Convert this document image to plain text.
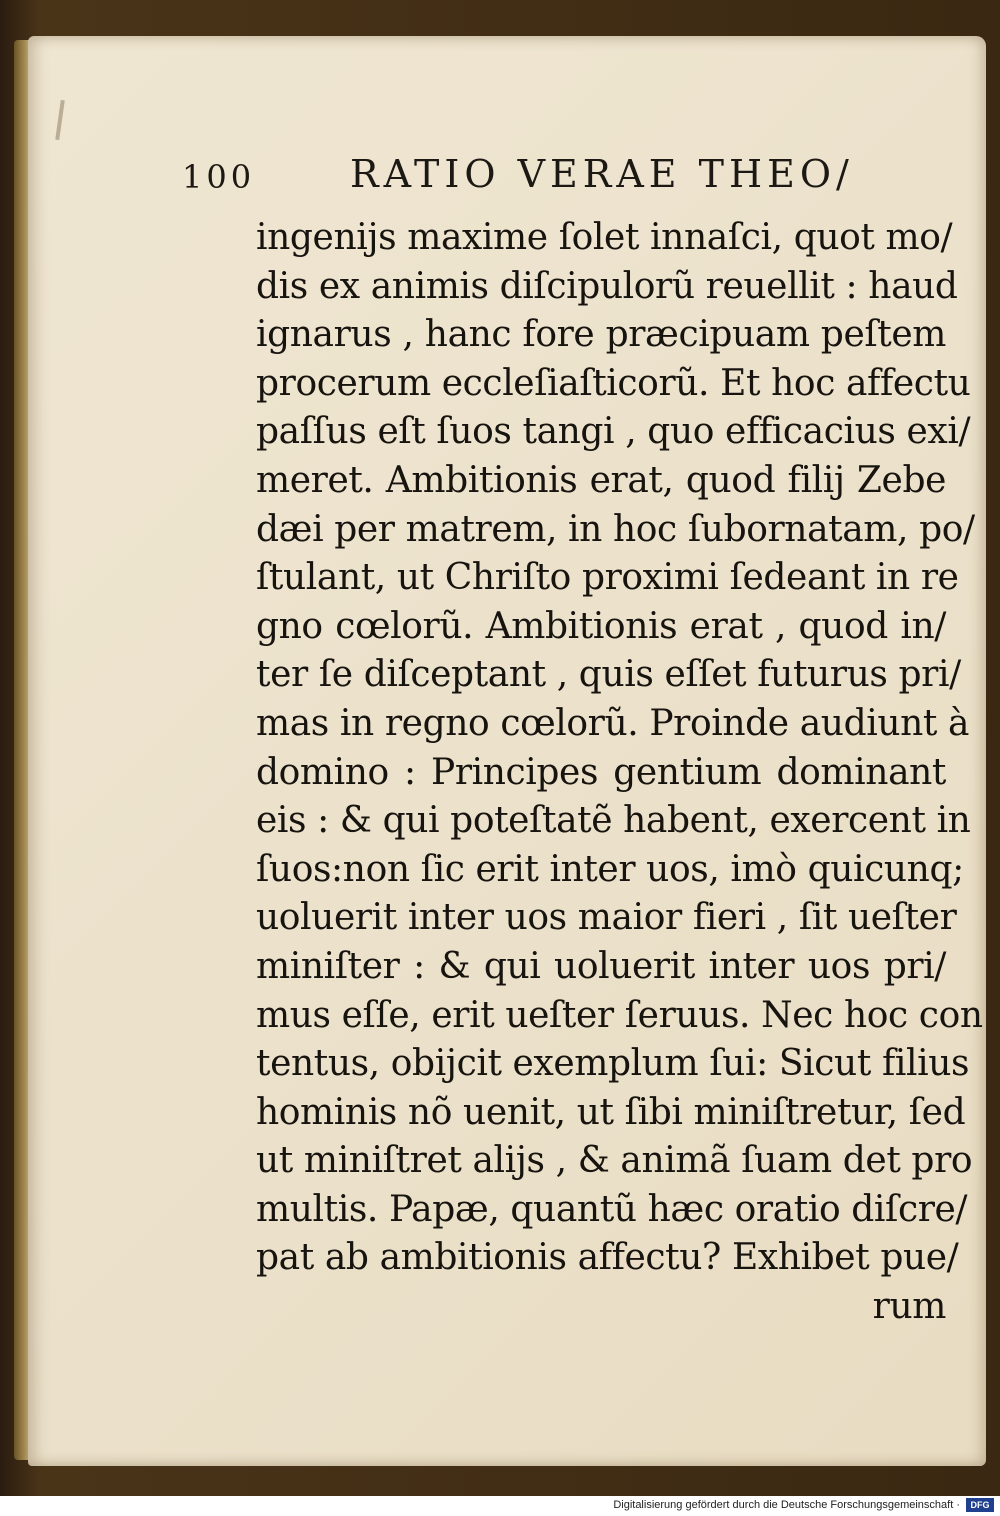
100 RATIO VERAE THEO/
ingenijs maxime ſolet innaſci, quot mo/
dis ex animis diſcipulorũ reuellit : haud
ignarus , hanc fore præcipuam peſtem
procerum eccleſiaſticorũ. Et hoc affectu
paſſus eſt ſuos tangi , quo efficacius exi/
meret. Ambitionis erat, quod filij Zebe
dæi per matrem, in hoc ſubornatam, po/
ſtulant, ut Chriſto proximi ſedeant in re
gno cœlorũ. Ambitionis erat , quod in/
ter ſe diſceptant , quis eſſet futurus pri/
mas in regno cœlorũ. Proinde audiunt à
domino : Principes gentium dominant
eis : & qui poteſtatẽ habent, exercent in
ſuos:non ſic erit inter uos, imò quicunq;
uoluerit inter uos maior fieri , ſit ueſter
miniſter : & qui uoluerit inter uos pri/
mus eſſe, erit ueſter ſeruus. Nec hoc con
tentus, obijcit exemplum ſui: Sicut filius
hominis nõ uenit, ut ſibi miniſtretur, ſed
ut miniſtret alijs , & animã ſuam det pro
multis. Papæ, quantũ hæc oratio diſcre/
pat ab ambitionis affectu? Exhibet pue/
rum
Digitalisierung gefördert durch die Deutsche Forschungsgemeinschaft ·	DFG
